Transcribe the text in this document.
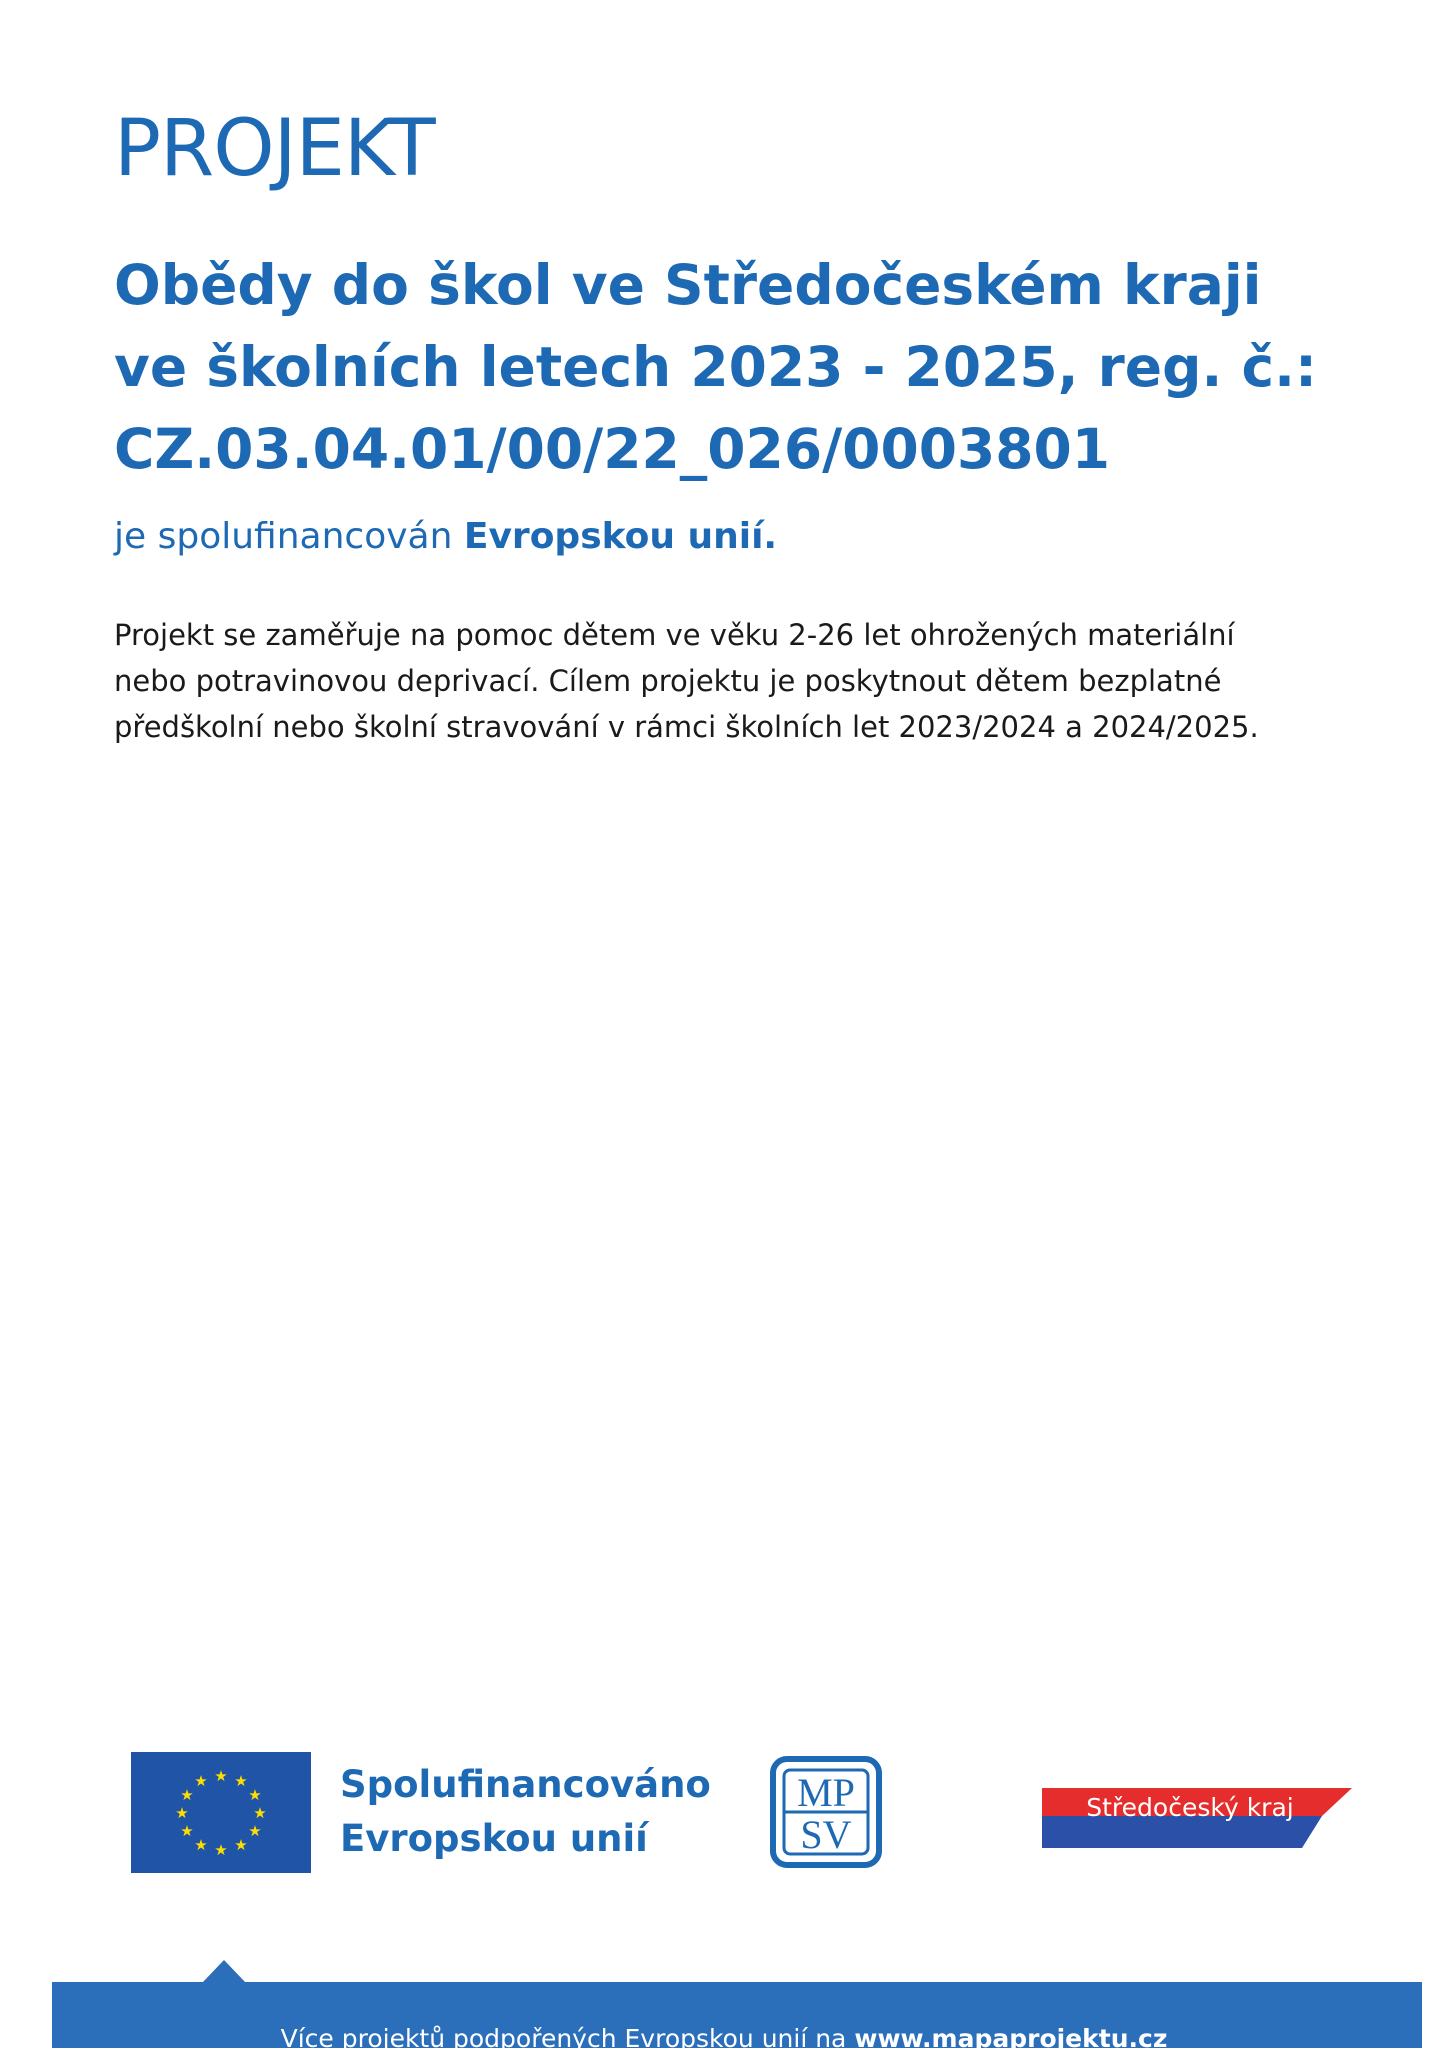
PROJEKT
Obědy do škol ve Středočeském kraji
ve školních letech 2023 - 2025, reg. č.:
CZ.03.04.01/00/22_026/0003801

je spolufinancován Evropskou unií.

Projekt se zaměřuje na pomoc dětem ve věku 2-26 let ohrožených materiální
nebo potravinovou deprivací. Cílem projektu je poskytnout dětem bezplatné
předškolní nebo školní stravování v rámci školních let 2023/2024 a 2024/2025.

★ ★
★
★
★
★
★
★
★
★
★
★	Spolufinancováno
Evropskou unií
MP
SV
Středočeský kraj
Více projektů podpořených Evropskou unií na www.mapaprojektu.cz
